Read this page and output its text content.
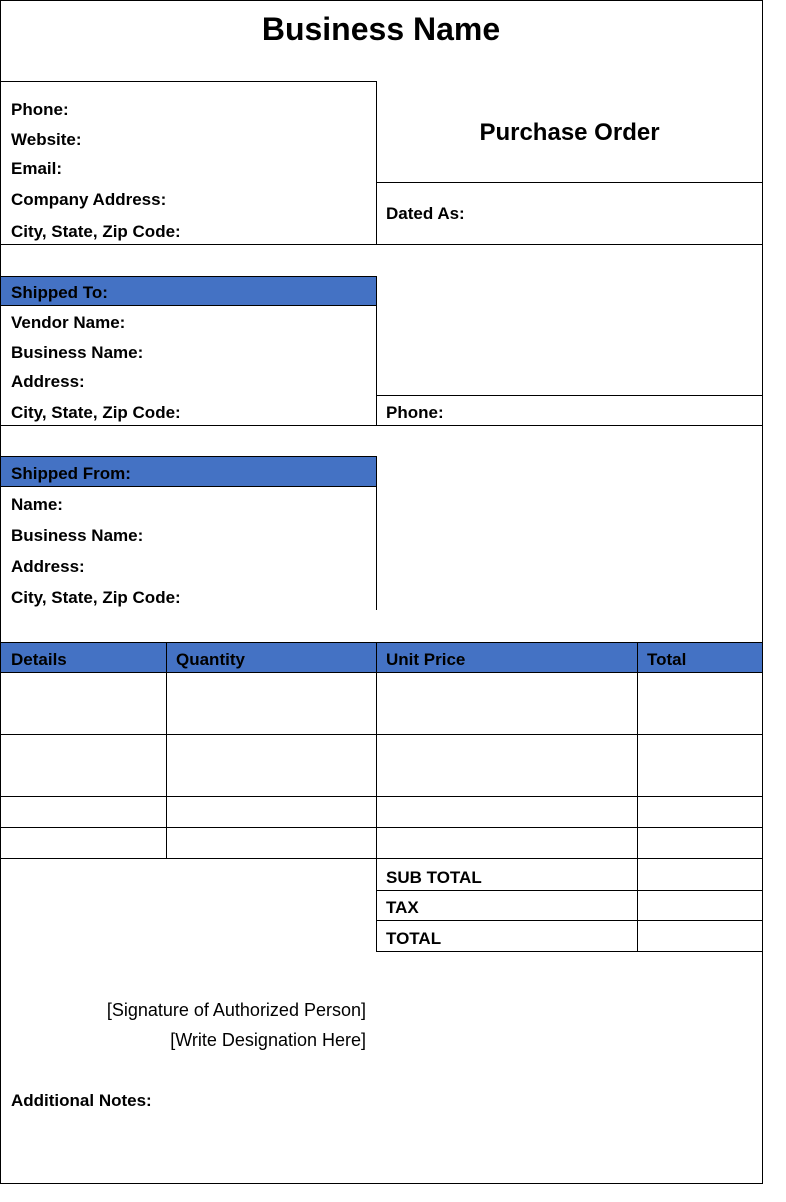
Business Name
Purchase Order
Phone:
Website:
Email:
Company Address:
City, State, Zip Code:
Dated As:
Shipped To:
Vendor Name:
Business Name:
Address:
City, State, Zip Code:	Phone:
Shipped From:
Name:
Business Name:
Address:
City, State, Zip Code:
Details	Quantity	Unit Price	Total
SUB TOTAL
TAX
TOTAL
[Signature of Authorized Person]
[Write Designation Here]
Additional Notes:
